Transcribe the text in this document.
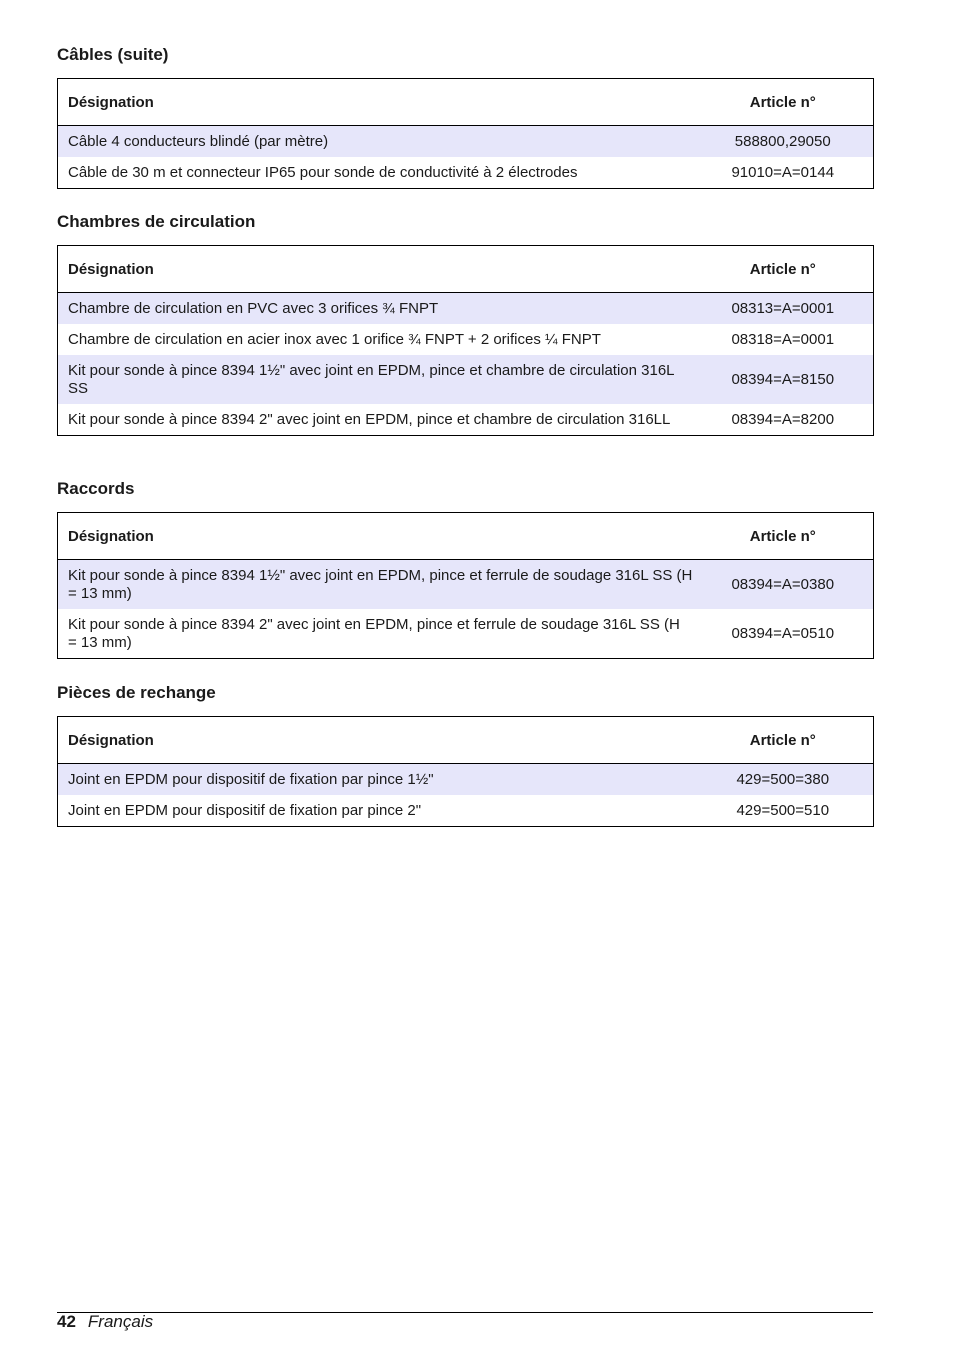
Câbles (suite)
Désignation	Article n°
Câble 4 conducteurs blindé (par mètre)	588800,29050
Câble de 30 m et connecteur IP65 pour sonde de conductivité à 2 électrodes	91010=A=0144
Chambres de circulation
Désignation	Article n°
Chambre de circulation en PVC avec 3 orifices ¾ FNPT	08313=A=0001
Chambre de circulation en acier inox avec 1 orifice ¾ FNPT + 2 orifices ¼ FNPT	08318=A=0001
Kit pour sonde à pince 8394 1½" avec joint en EPDM, pince et chambre de circulation 316L SS	08394=A=8150
Kit pour sonde à pince 8394 2" avec joint en EPDM, pince et chambre de circulation 316LL	08394=A=8200
Raccords
Désignation	Article n°
Kit pour sonde à pince 8394 1½" avec joint en EPDM, pince et ferrule de soudage 316L SS (H = 13 mm)	08394=A=0380
Kit pour sonde à pince 8394 2" avec joint en EPDM, pince et ferrule de soudage 316L SS (H = 13 mm)	08394=A=0510
Pièces de rechange
Désignation	Article n°
Joint en EPDM pour dispositif de fixation par pince 1½"	429=500=380
Joint en EPDM pour dispositif de fixation par pince 2"	429=500=510
42 Français
